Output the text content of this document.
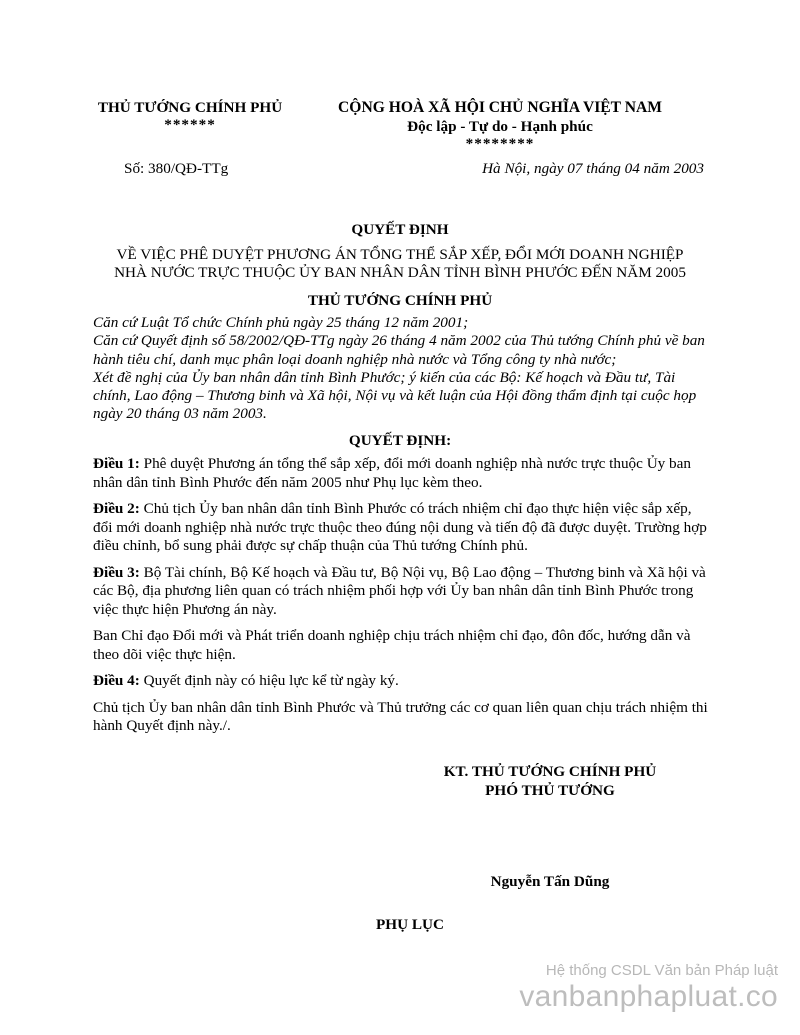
THỦ TƯỚNG CHÍNH PHỦ
******
CỘNG HOÀ XÃ HỘI CHỦ NGHĨA VIỆT NAM
Độc lập - Tự do - Hạnh phúc
********
Số: 380/QĐ-TTg	Hà Nội, ngày 07 tháng 04 năm 2003
QUYẾT ĐỊNH
VỀ VIỆC PHÊ DUYỆT PHƯƠNG ÁN TỔNG THỂ SẮP XẾP, ĐỔI MỚI DOANH NGHIỆP
NHÀ NƯỚC TRỰC THUỘC ỦY BAN NHÂN DÂN TỈNH BÌNH PHƯỚC ĐẾN NĂM 2005
THỦ TƯỚNG CHÍNH PHỦ

Căn cứ Luật Tổ chức Chính phủ ngày 25 tháng 12 năm 2001;

Căn cứ Quyết định số 58/2002/QĐ-TTg ngày 26 tháng 4 năm 2002 của Thủ tướng Chính phủ về ban hành tiêu chí, danh mục phân loại doanh nghiệp nhà nước và Tổng công ty nhà nước;

Xét đề nghị của Ủy ban nhân dân tỉnh Bình Phước; ý kiến của các Bộ: Kế hoạch và Đầu tư, Tài chính, Lao động – Thương binh và Xã hội, Nội vụ và kết luận của Hội đồng thẩm định tại cuộc họp ngày 20 tháng 03 năm 2003.

QUYẾT ĐỊNH:

Điều 1: Phê duyệt Phương án tổng thể sắp xếp, đổi mới doanh nghiệp nhà nước trực thuộc Ủy ban nhân dân tỉnh Bình Phước đến năm 2005 như Phụ lục kèm theo.

Điều 2: Chủ tịch Ủy ban nhân dân tỉnh Bình Phước có trách nhiệm chỉ đạo thực hiện việc sắp xếp, đổi mới doanh nghiệp nhà nước trực thuộc theo đúng nội dung và tiến độ đã được duyệt. Trường hợp điều chỉnh, bổ sung phải được sự chấp thuận của Thủ tướng Chính phủ.

Điều 3: Bộ Tài chính, Bộ Kế hoạch và Đầu tư, Bộ Nội vụ, Bộ Lao động – Thương binh và Xã hội và các Bộ, địa phương liên quan có trách nhiệm phối hợp với Ủy ban nhân dân tỉnh Bình Phước trong việc thực hiện Phương án này.

Ban Chỉ đạo Đổi mới và Phát triển doanh nghiệp chịu trách nhiệm chỉ đạo, đôn đốc, hướng dẫn và theo dõi việc thực hiện.

Điều 4: Quyết định này có hiệu lực kể từ ngày ký.

Chủ tịch Ủy ban nhân dân tỉnh Bình Phước và Thủ trưởng các cơ quan liên quan chịu trách nhiệm thi hành Quyết định này./.

KT. THỦ TƯỚNG CHÍNH PHỦ
PHÓ THỦ TƯỚNG
Nguyễn Tấn Dũng
PHỤ LỤC
Hệ thống CSDL Văn bản Pháp luật
vanbanphapluat.co
